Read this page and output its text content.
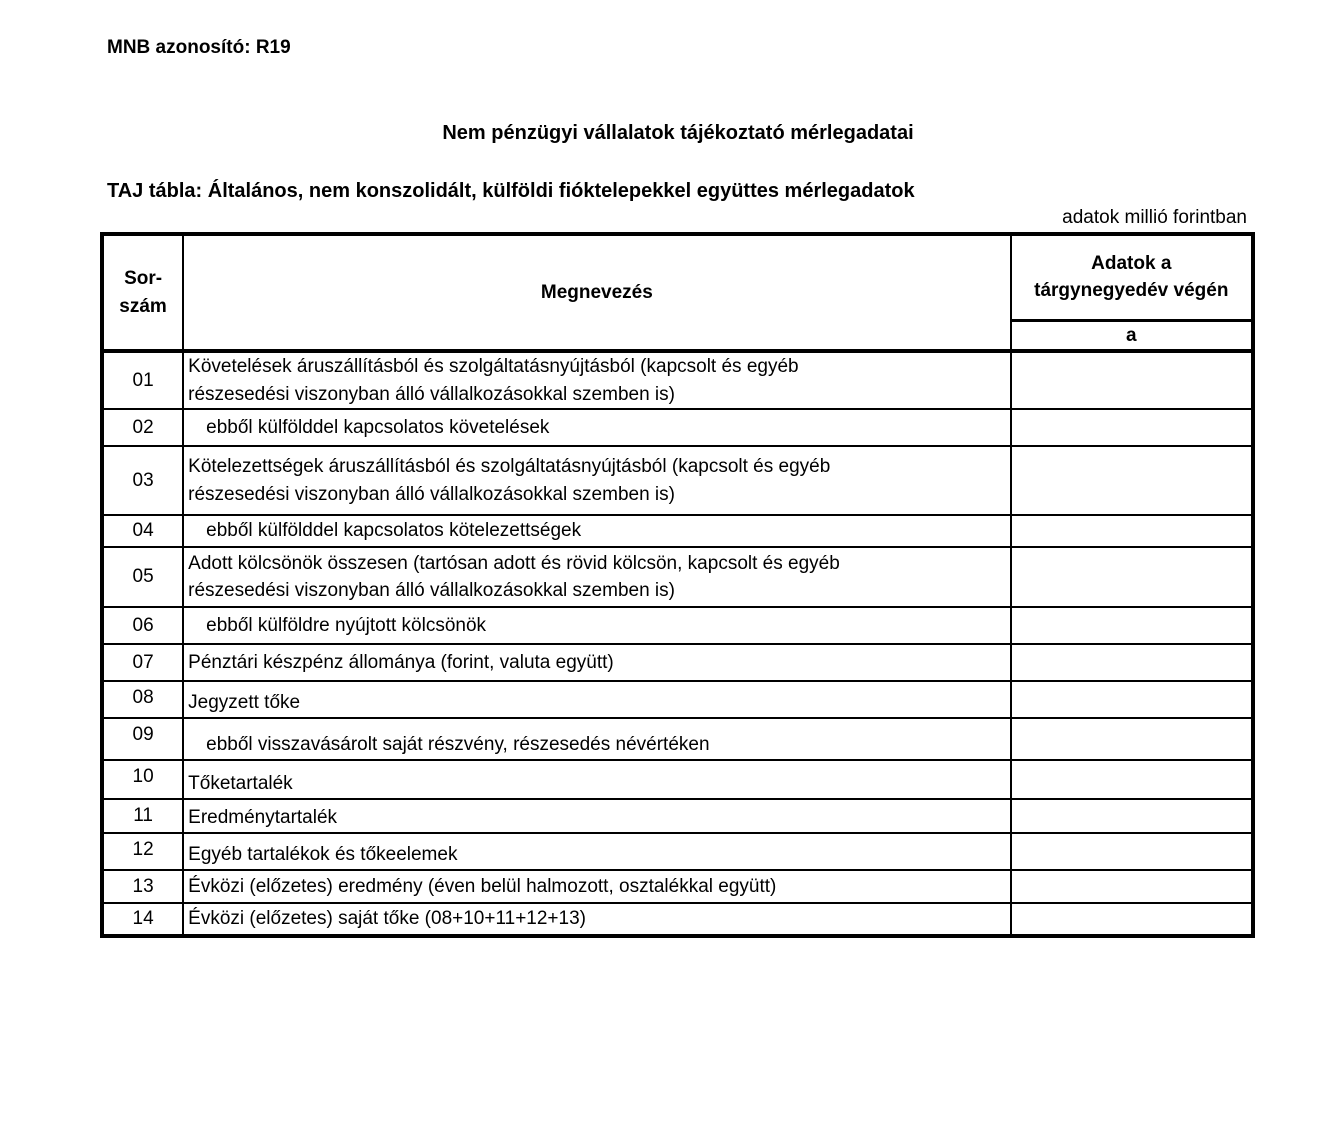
MNB azonosító: R19
Nem pénzügyi vállalatok tájékoztató mérlegadatai
TAJ tábla: Általános, nem konszolidált, külföldi fióktelepekkel együttes mérlegadatok
adatok millió forintban
Sor-
szám	Megnevezés	Adatok a
tárgynegyedév végén
		a
01	Követelések áruszállításból és szolgáltatásnyújtásból (kapcsolt és egyéb
részesedési viszonyban álló vállalkozásokkal szemben is)	
02	ebből külfölddel kapcsolatos követelések	
03	Kötelezettségek áruszállításból és szolgáltatásnyújtásból (kapcsolt és egyéb
részesedési viszonyban álló vállalkozásokkal szemben is)	
04	ebből külfölddel kapcsolatos kötelezettségek	
05	Adott kölcsönök összesen (tartósan adott és rövid kölcsön, kapcsolt és egyéb
részesedési viszonyban álló vállalkozásokkal szemben is)	
06	ebből külföldre nyújtott kölcsönök	
07	Pénztári készpénz állománya (forint, valuta együtt)	
08	Jegyzett tőke	
09	ebből visszavásárolt saját részvény, részesedés névértéken	
10	Tőketartalék	
11	Eredménytartalék	
12	Egyéb tartalékok és tőkeelemek	
13	Évközi (előzetes) eredmény (éven belül halmozott, osztalékkal együtt)	
14	Évközi (előzetes) saját tőke (08+10+11+12+13)	
